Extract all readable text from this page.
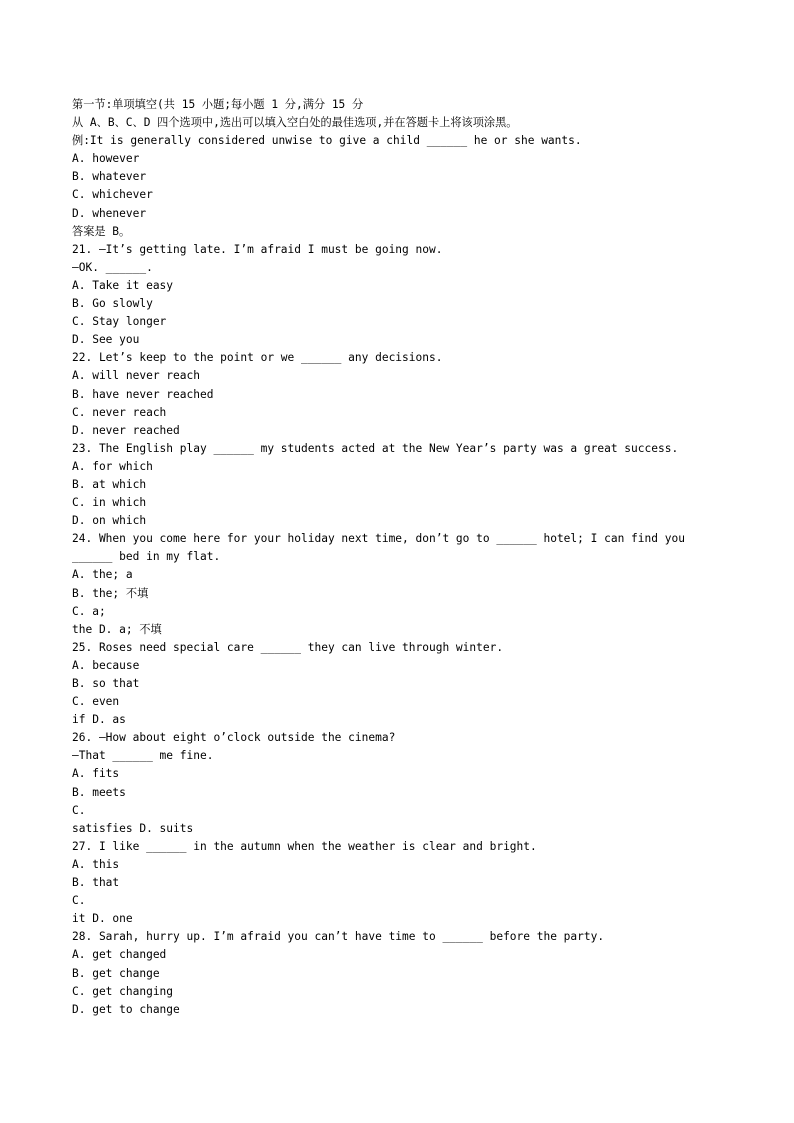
第一节:单项填空(共 15 小题;每小题 1 分,满分 15 分
从 A、B、C、D 四个选项中,选出可以填入空白处的最佳选项,并在答题卡上将该项涂黑。
例:It is generally considered unwise to give a child ______ he or she wants.
A. however
B. whatever
C. whichever
D. whenever
答案是 B。
21. —It’s getting late. I’m afraid I must be going now.
—OK. ______.
A. Take it easy
B. Go slowly
C. Stay longer
D. See you
22. Let’s keep to the point or we ______ any decisions.
A. will never reach
B. have never reached
C. never reach
D. never reached
23. The English play ______ my students acted at the New Year’s party was a great success.
A. for which
B. at which
C. in which
D. on which
24. When you come here for your holiday next time, don’t go to ______ hotel; I can find you
______ bed in my flat.
A. the; a
B. the; 不填
C. a;
the D. a; 不填
25. Roses need special care ______ they can live through winter.
A. because
B. so that
C. even
if D. as
26. —How about eight o’clock outside the cinema?
—That ______ me fine.
A. fits
B. meets
C.
satisfies D. suits
27. I like ______ in the autumn when the weather is clear and bright.
A. this
B. that
C.
it D. one
28. Sarah, hurry up. I’m afraid you can’t have time to ______ before the party.
A. get changed
B. get change
C. get changing
D. get to change
